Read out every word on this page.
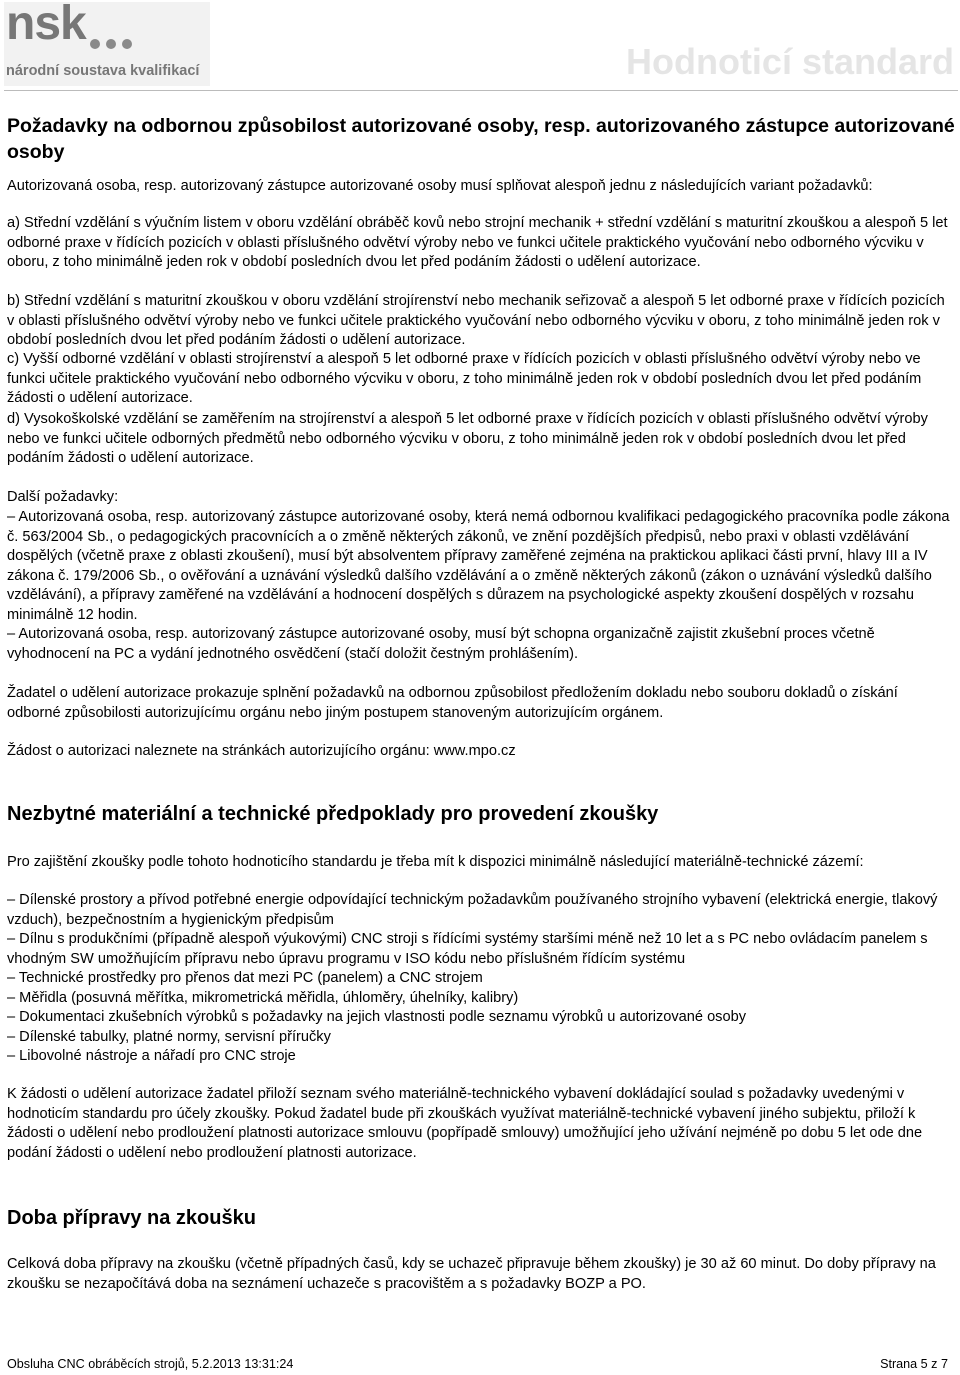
nsk
národní soustava kvalifikací	Hodnoticí standard

Požadavky na odbornou způsobilost autorizované osoby, resp. autorizovaného zástupce autorizované osoby

Autorizovaná osoba, resp. autorizovaný zástupce autorizované osoby musí splňovat alespoň jednu z následujících variant požadavků:

a) Střední vzdělání s výučním listem v oboru vzdělání obráběč kovů nebo strojní mechanik + střední vzdělání s maturitní zkouškou a alespoň 5 let odborné praxe v řídících pozicích v oblasti příslušného odvětví výroby nebo ve funkci učitele praktického vyučování nebo odborného výcviku v oboru, z toho minimálně jeden rok v období posledních dvou let před podáním žádosti o udělení autorizace.

b) Střední vzdělání s maturitní zkouškou v oboru vzdělání strojírenství nebo mechanik seřizovač a alespoň 5 let odborné praxe v řídících pozicích v oblasti příslušného odvětví výroby nebo ve funkci učitele praktického vyučování nebo odborného výcviku v oboru, z toho minimálně jeden rok v období posledních dvou let před podáním žádosti o udělení autorizace.

c) Vyšší odborné vzdělání v oblasti strojírenství a alespoň 5 let odborné praxe v řídících pozicích v oblasti příslušného odvětví výroby nebo ve funkci učitele praktického vyučování nebo odborného výcviku v oboru, z toho minimálně jeden rok v období posledních dvou let před podáním žádosti o udělení autorizace.

d) Vysokoškolské vzdělání se zaměřením na strojírenství a alespoň 5 let odborné praxe v řídících pozicích v oblasti příslušného odvětví výroby nebo ve funkci učitele odborných předmětů nebo odborného výcviku v oboru, z toho minimálně jeden rok v období posledních dvou let před podáním žádosti o udělení autorizace.

Další požadavky:

– Autorizovaná osoba, resp. autorizovaný zástupce autorizované osoby, která nemá odbornou kvalifikaci pedagogického pracovníka podle zákona č. 563/2004 Sb., o pedagogických pracovnících a o změně některých zákonů, ve znění pozdějších předpisů, nebo praxi v oblasti vzdělávání dospělých (včetně praxe z oblasti zkoušení), musí být absolventem přípravy zaměřené zejména na praktickou aplikaci části první, hlavy III a IV zákona č. 179/2006 Sb., o ověřování a uznávání výsledků dalšího vzdělávání a o změně některých zákonů (zákon o uznávání výsledků dalšího vzdělávání), a přípravy zaměřené na vzdělávání a hodnocení dospělých s důrazem na psychologické aspekty zkoušení dospělých v rozsahu minimálně 12 hodin.

– Autorizovaná osoba, resp. autorizovaný zástupce autorizované osoby, musí být schopna organizačně zajistit zkušební proces včetně vyhodnocení na PC a vydání jednotného osvědčení (stačí doložit čestným prohlášením).

Žadatel o udělení autorizace prokazuje splnění požadavků na odbornou způsobilost předložením dokladu nebo souboru dokladů o získání odborné způsobilosti autorizujícímu orgánu nebo jiným postupem stanoveným autorizujícím orgánem.

Žádost o autorizaci naleznete na stránkách autorizujícího orgánu: www.mpo.cz

Nezbytné materiální a technické předpoklady pro provedení zkoušky

Pro zajištění zkoušky podle tohoto hodnoticího standardu je třeba mít k dispozici minimálně následující materiálně-technické zázemí:

– Dílenské prostory a přívod potřebné energie odpovídající technickým požadavkům používaného strojního vybavení (elektrická energie, tlakový vzduch), bezpečnostním a hygienickým předpisům

– Dílnu s produkčními (případně alespoň výukovými) CNC stroji s řídícími systémy staršími méně než 10 let a s PC nebo ovládacím panelem s vhodným SW umožňujícím přípravu nebo úpravu programu v ISO kódu nebo příslušném řídícím systému

– Technické prostředky pro přenos dat mezi PC (panelem) a CNC strojem

– Měřidla (posuvná měřítka, mikrometrická měřidla, úhloměry, úhelníky, kalibry)

– Dokumentaci zkušebních výrobků s požadavky na jejich vlastnosti podle seznamu výrobků u autorizované osoby

– Dílenské tabulky, platné normy, servisní příručky

– Libovolné nástroje a nářadí pro CNC stroje

K žádosti o udělení autorizace žadatel přiloží seznam svého materiálně-technického vybavení dokládající soulad s požadavky uvedenými v hodnoticím standardu pro účely zkoušky. Pokud žadatel bude při zkouškách využívat materiálně-technické vybavení jiného subjektu, přiloží k žádosti o udělení nebo prodloužení platnosti autorizace smlouvu (popřípadě smlouvy) umožňující jeho užívání nejméně po dobu 5 let ode dne podání žádosti o udělení nebo prodloužení platnosti autorizace.

Doba přípravy na zkoušku

Celková doba přípravy na zkoušku (včetně případných časů, kdy se uchazeč připravuje během zkoušky) je 30 až 60 minut. Do doby přípravy na zkoušku se nezapočítává doba na seznámení uchazeče s pracovištěm a s požadavky BOZP a PO.

Obsluha CNC obráběcích strojů, 5.2.2013 13:31:24	Strana 5 z 7
